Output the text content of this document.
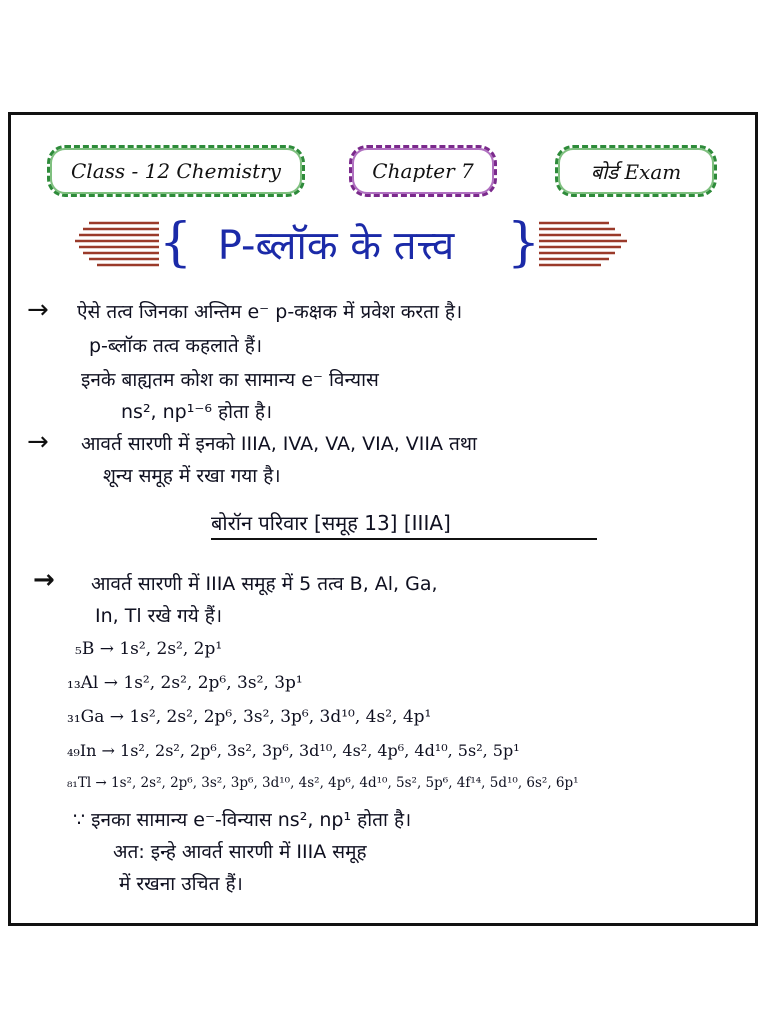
Class - 12 Chemistry	Chapter 7	बोर्ड Exam
{ P-ब्लॉक के तत्त्व	}
→ ऐसे तत्व जिनका अन्तिम e⁻ p-कक्षक में प्रवेश करता है।
p-ब्लॉक तत्व कहलाते हैं।
इनके बाह्यतम कोश का सामान्य e⁻ विन्यास
ns², np¹⁻⁶ होता है।
→ आवर्त सारणी में इनको IIIA, IVA, VA, VIA, VIIA तथा
शून्य समूह में रखा गया है।
बोरॉन परिवार [समूह 13] [IIIA]
→ आवर्त सारणी में IIIA समूह में 5 तत्व B, Al, Ga,
In, Tl रखे गये हैं।
₅B → 1s², 2s², 2p¹
₁₃Al → 1s², 2s², 2p⁶, 3s², 3p¹
₃₁Ga → 1s², 2s², 2p⁶, 3s², 3p⁶, 3d¹⁰, 4s², 4p¹
₄₉In → 1s², 2s², 2p⁶, 3s², 3p⁶, 3d¹⁰, 4s², 4p⁶, 4d¹⁰, 5s², 5p¹
₈₁Tl → 1s², 2s², 2p⁶, 3s², 3p⁶, 3d¹⁰, 4s², 4p⁶, 4d¹⁰, 5s², 5p⁶, 4f¹⁴, 5d¹⁰, 6s², 6p¹
∵ इनका सामान्य e⁻-विन्यास ns², np¹ होता है।
अत: इन्हे आवर्त सारणी में IIIA समूह
में रखना उचित हैं।
